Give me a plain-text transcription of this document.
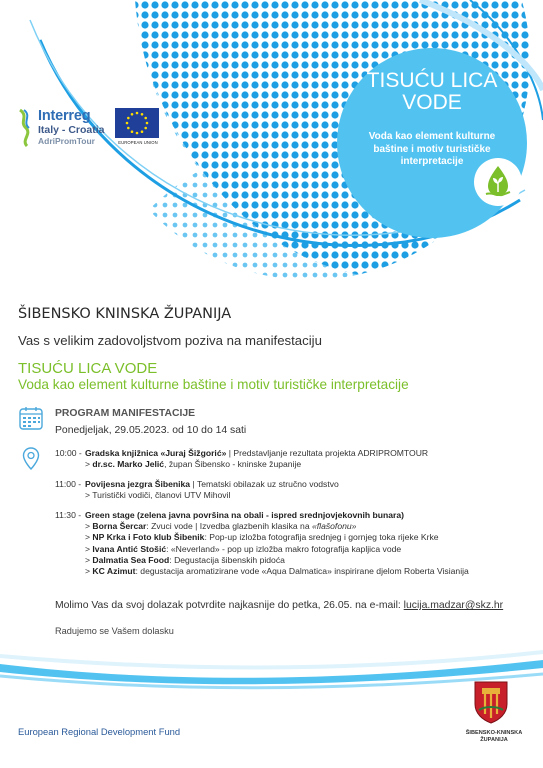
Interreg
Italy - Croatia
AdriPromTour	EUROPEAN UNION
TISUĆU LICA VODE
Voda kao element kulturne baštine i motiv turističke interpretacije
ŠIBENSKO KNINSKA ŽUPANIJA
Vas s velikim zadovoljstvom poziva na manifestaciju
TISUĆU LICA VODE
Voda kao element kulturne baštine i motiv turističke interpretacije
PROGRAM MANIFESTACIJE
Ponedjeljak, 29.05.2023. od 10 do 14 sati
10:00 - Gradska knjižnica «Juraj Šižgorić» | Predstavljanje rezultata projekta ADRIPROMTOUR
> dr.sc. Marko Jelić, župan Šibensko - kninske županije
11:00 - Povijesna jezgra Šibenika | Tematski obilazak uz stručno vodstvo
> Turistički vodiči, članovi UTV Mihovil
11:30 - Green stage (zelena javna površina na obali - ispred srednjovjekovnih bunara)
> Borna Šercar: Zvuci vode | Izvedba glazbenih klasika na «flašofonu»
> NP Krka i Foto klub Šibenik: Pop-up izložba fotografija srednjeg i gornjeg toka rijeke Krke
> Ivana Antić Stošić: «Neverland» - pop up izložba makro fotografija kapljica vode
> Dalmatia Sea Food: Degustacija šibenskih pidoća
> KC Azimut: degustacija aromatizirane vode «Aqua Dalmatica» inspirirane djelom Roberta Visianija
Molimo Vas da svoj dolazak potvrdite najkasnije do petka, 26.05. na e-mail: lucija.madzar@skz.hr
Radujemo se Vašem dolasku
European Regional Development Fund	ŠIBENSKO-KNINSKA
ŽUPANIJA
